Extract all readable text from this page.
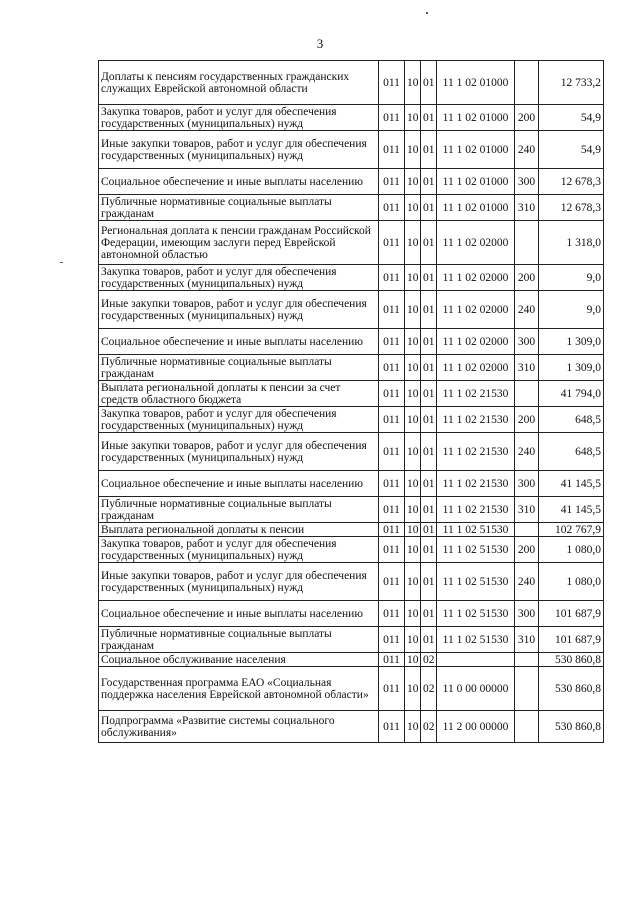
3
Доплаты к пенсиям государственных гражданских служащих Еврейской автономной области	011	10	01	11 1 02 01000		12 733,2
Закупка товаров, работ и услуг для обеспечения государственных (муниципальных) нужд	011	10	01	11 1 02 01000	200	54,9
Иные закупки товаров, работ и услуг для обеспечения государственных (муниципальных) нужд	011	10	01	11 1 02 01000	240	54,9
Социальное обеспечение и иные выплаты населению	011	10	01	11 1 02 01000	300	12 678,3
Публичные нормативные социальные выплаты гражданам	011	10	01	11 1 02 01000	310	12 678,3
Региональная доплата к пенсии гражданам Российской Федерации, имеющим заслуги перед Еврейской автономной областью	011	10	01	11 1 02 02000		1 318,0
Закупка товаров, работ и услуг для обеспечения государственных (муниципальных) нужд	011	10	01	11 1 02 02000	200	9,0
Иные закупки товаров, работ и услуг для обеспечения государственных (муниципальных) нужд	011	10	01	11 1 02 02000	240	9,0
Социальное обеспечение и иные выплаты населению	011	10	01	11 1 02 02000	300	1 309,0
Публичные нормативные социальные выплаты гражданам	011	10	01	11 1 02 02000	310	1 309,0
Выплата региональной доплаты к пенсии за счет средств областного бюджета	011	10	01	11 1 02 21530		41 794,0
Закупка товаров, работ и услуг для обеспечения государственных (муниципальных) нужд	011	10	01	11 1 02 21530	200	648,5
Иные закупки товаров, работ и услуг для обеспечения государственных (муниципальных) нужд	011	10	01	11 1 02 21530	240	648,5
Социальное обеспечение и иные выплаты населению	011	10	01	11 1 02 21530	300	41 145,5
Публичные нормативные социальные выплаты гражданам	011	10	01	11 1 02 21530	310	41 145,5
Выплата региональной доплаты к пенсии	011	10	01	11 1 02 51530		102 767,9
Закупка товаров, работ и услуг для обеспечения государственных (муниципальных) нужд	011	10	01	11 1 02 51530	200	1 080,0
Иные закупки товаров, работ и услуг для обеспечения государственных (муниципальных) нужд	011	10	01	11 1 02 51530	240	1 080,0
Социальное обеспечение и иные выплаты населению	011	10	01	11 1 02 51530	300	101 687,9
Публичные нормативные социальные выплаты гражданам	011	10	01	11 1 02 51530	310	101 687,9
Социальное обслуживание населения	011	10	02			530 860,8
Государственная программа ЕАО «Социальная поддержка населения Еврейской автономной области»	011	10	02	11 0 00 00000		530 860,8
Подпрограмма «Развитие системы социального обслуживания»	011	10	02	11 2 00 00000		530 860,8
